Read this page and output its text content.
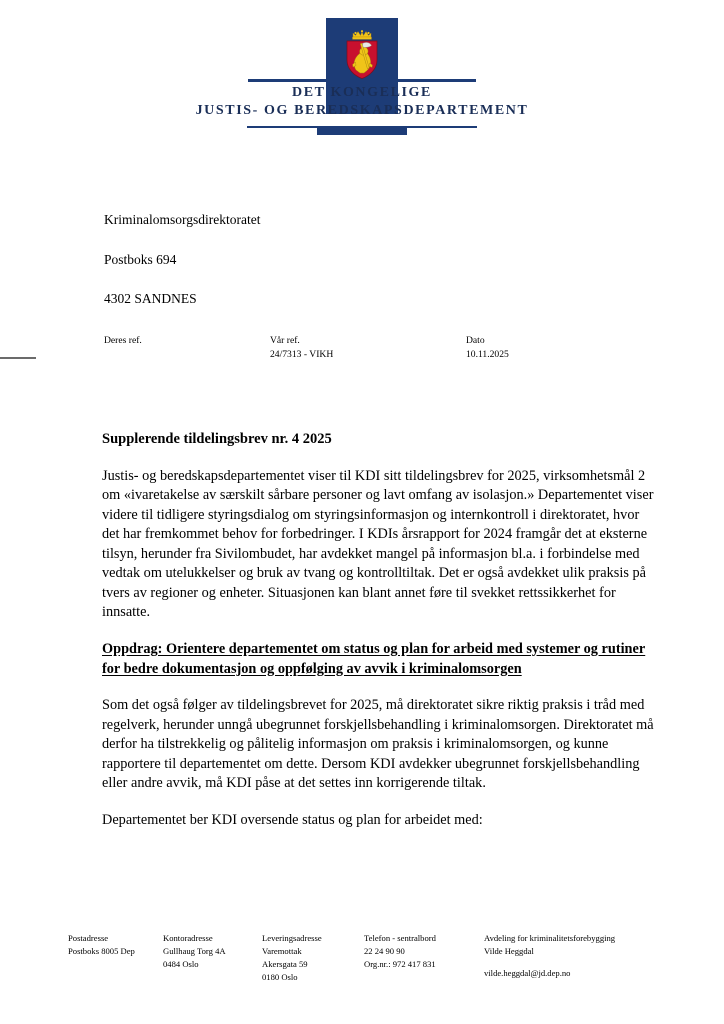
DET KONGELIGE
JUSTIS- OG BEREDSKAPSDEPARTEMENT

Kriminalomsorgsdirektoratet

Postboks 694

4302 SANDNES

Deres ref.	Vår ref.
24/7313 - VIKH
Dato
10.11.2025
Supplerende tildelingsbrev nr. 4 2025

Justis- og beredskapsdepartementet viser til KDI sitt tildelingsbrev for 2025, virksomhetsmål 2 om «ivaretakelse av særskilt sårbare personer og lavt omfang av isolasjon.» Departementet viser videre til tidligere styringsdialog om styringsinformasjon og internkontroll i direktoratet, hvor det har fremkommet behov for forbedringer. I KDIs årsrapport for 2024 framgår det at eksterne tilsyn, herunder fra Sivilombudet, har avdekket mangel på informasjon bl.a. i forbindelse med vedtak om utelukkelser og bruk av tvang og kontrolltiltak. Det er også avdekket ulik praksis på tvers av regioner og enheter. Situasjonen kan blant annet føre til svekket rettssikkerhet for innsatte.

Oppdrag: Orientere departementet om status og plan for arbeid med systemer og rutiner for bedre dokumentasjon og oppfølging av avvik i kriminalomsorgen

Som det også følger av tildelingsbrevet for 2025, må direktoratet sikre riktig praksis i tråd med regelverk, herunder unngå ubegrunnet forskjellsbehandling i kriminalomsorgen. Direktoratet må derfor ha tilstrekkelig og pålitelig informasjon om praksis i kriminalomsorgen, og kunne rapportere til departementet om dette. Dersom KDI avdekker ubegrunnet forskjellsbehandling eller andre avvik, må KDI påse at det settes inn korrigerende tiltak.

Departementet ber KDI oversende status og plan for arbeidet med:

Postadresse
Postboks 8005 Dep
Kontoradresse
Gullhaug Torg 4A
0484 Oslo
Leveringsadresse
Varemottak
Akersgata 59
0180 Oslo
Telefon - sentralbord
22 24 90 90
Org.nr.: 972 417 831
Avdeling for kriminalitetsforebygging
Vilde Heggdal
vilde.heggdal@jd.dep.no
